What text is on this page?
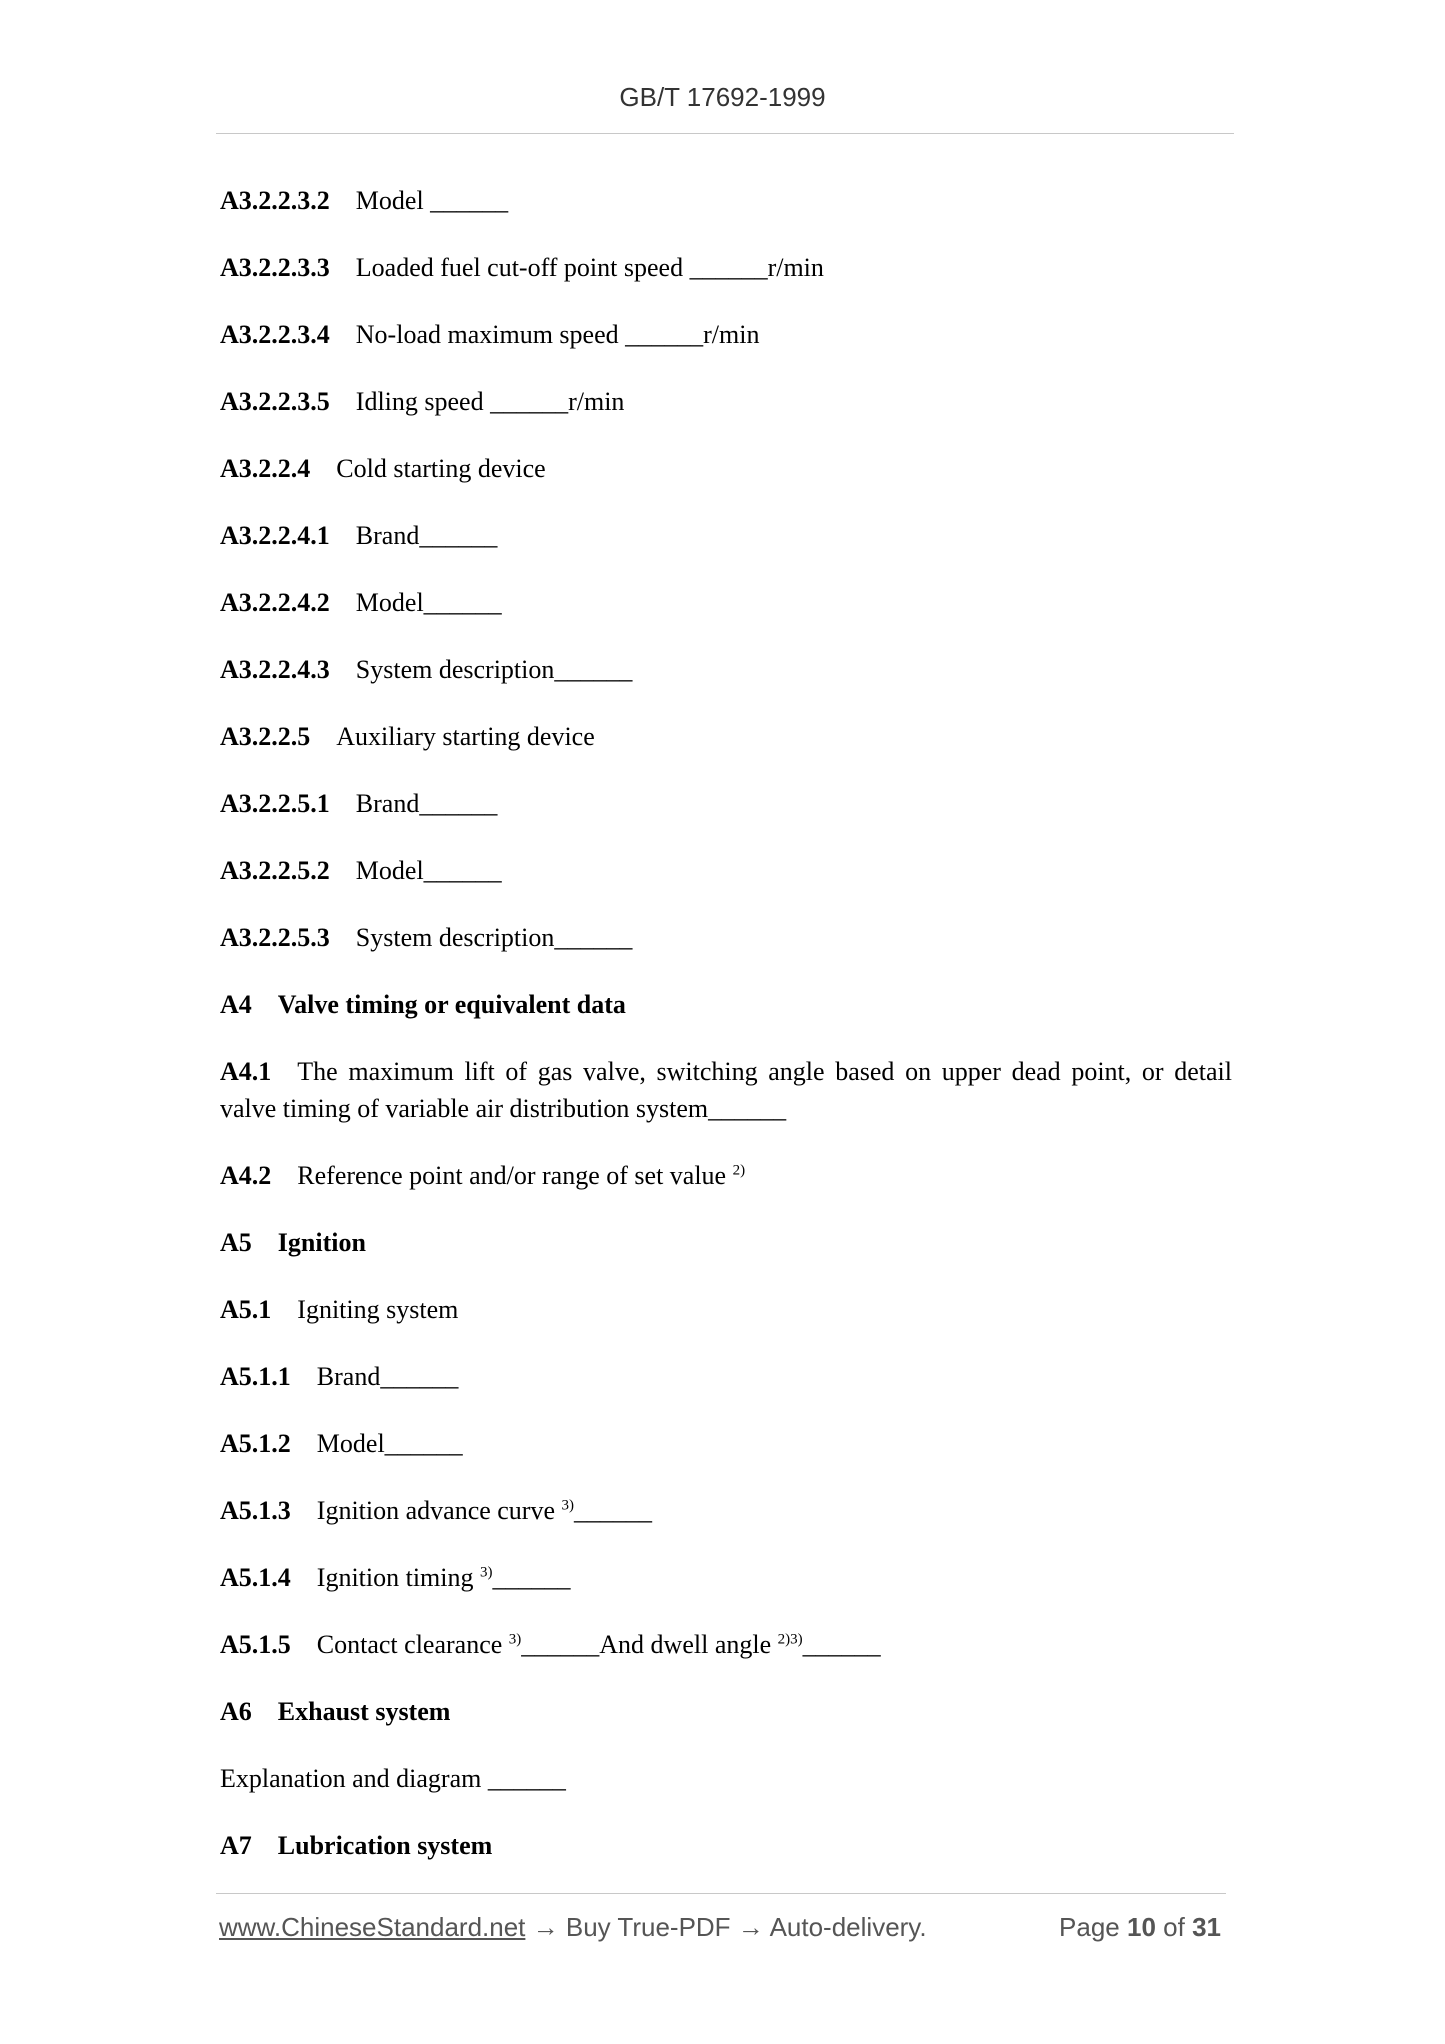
GB/T 17692-1999
A3.2.2.3.2 Model ______
A3.2.2.3.3 Loaded fuel cut-off point speed ______r/min
A3.2.2.3.4 No-load maximum speed ______r/min
A3.2.2.3.5 Idling speed ______r/min
A3.2.2.4 Cold starting device
A3.2.2.4.1 Brand______
A3.2.2.4.2 Model______
A3.2.2.4.3 System description______
A3.2.2.5 Auxiliary starting device
A3.2.2.5.1 Brand______
A3.2.2.5.2 Model______
A3.2.2.5.3 System description______
A4 Valve timing or equivalent data
A4.1 The maximum lift of gas valve, switching angle based on upper dead point, or detail valve timing of variable air distribution system______
A4.2 Reference point and/or range of set value $^{2)}$
A5 Ignition
A5.1 Igniting system
A5.1.1 Brand______
A5.1.2 Model______
A5.1.3 Ignition advance curve $^{3)}$______
A5.1.4 Ignition timing $^{3)}$______
A5.1.5 Contact clearance $^{3)}$______And dwell angle $^{2)3)}$______
A6 Exhaust system
Explanation and diagram ______
A7 Lubrication system
www.ChineseStandard.net → Buy True-PDF → Auto-delivery.	Page 10 of 31
